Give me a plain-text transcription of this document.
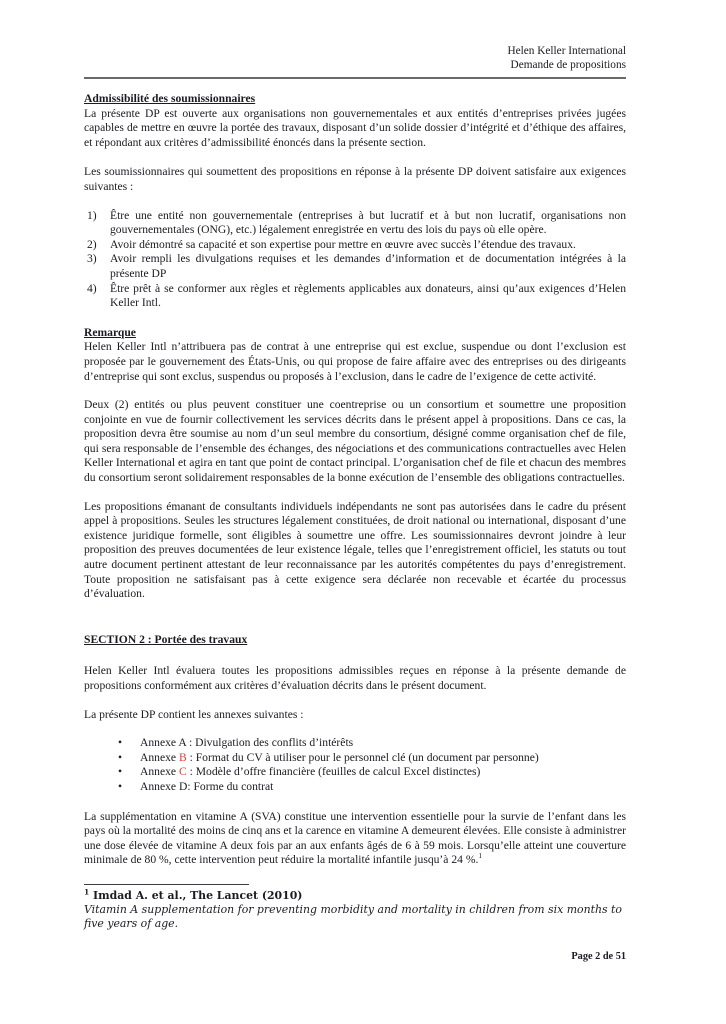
Helen Keller International
Demande de propositions

Admissibilité des soumissionnaires

La présente DP est ouverte aux organisations non gouvernementales et aux entités d’entreprises privées jugées capables de mettre en œuvre la portée des travaux, disposant d’un solide dossier d’intégrité et d’éthique des affaires, et répondant aux critères d’admissibilité énoncés dans la présente section.

Les soumissionnaires qui soumettent des propositions en réponse à la présente DP doivent satisfaire aux exigences suivantes :

1)	Être une entité non gouvernementale (entreprises à but lucratif et à but non lucratif, organisations non gouvernementales (ONG), etc.) légalement enregistrée en vertu des lois du pays où elle opère.
2)	Avoir démontré sa capacité et son expertise pour mettre en œuvre avec succès l’étendue des travaux.
3)	Avoir rempli les divulgations requises et les demandes d’information et de documentation intégrées à la présente DP
4)	Être prêt à se conformer aux règles et règlements applicables aux donateurs, ainsi qu’aux exigences d’Helen Keller Intl.

Remarque

Helen Keller Intl n’attribuera pas de contrat à une entreprise qui est exclue, suspendue ou dont l’exclusion est proposée par le gouvernement des États-Unis, ou qui propose de faire affaire avec des entreprises ou des dirigeants d’entreprise qui sont exclus, suspendus ou proposés à l’exclusion, dans le cadre de l’exigence de cette activité.

Deux (2) entités ou plus peuvent constituer une coentreprise ou un consortium et soumettre une proposition conjointe en vue de fournir collectivement les services décrits dans le présent appel à propositions. Dans ce cas, la proposition devra être soumise au nom d’un seul membre du consortium, désigné comme organisation chef de file, qui sera responsable de l’ensemble des échanges, des négociations et des communications contractuelles avec Helen Keller International et agira en tant que point de contact principal. L’organisation chef de file et chacun des membres du consortium seront solidairement responsables de la bonne exécution de l’ensemble des obligations contractuelles.

Les propositions émanant de consultants individuels indépendants ne sont pas autorisées dans le cadre du présent appel à propositions. Seules les structures légalement constituées, de droit national ou international, disposant d’une existence juridique formelle, sont éligibles à soumettre une offre. Les soumissionnaires devront joindre à leur proposition des preuves documentées de leur existence légale, telles que l’enregistrement officiel, les statuts ou tout autre document pertinent attestant de leur reconnaissance par les autorités compétentes du pays d’enregistrement. Toute proposition ne satisfaisant pas à cette exigence sera déclarée non recevable et écartée du processus d’évaluation.

SECTION 2 : Portée des travaux

Helen Keller Intl évaluera toutes les propositions admissibles reçues en réponse à la présente demande de propositions conformément aux critères d’évaluation décrits dans le présent document.

La présente DP contient les annexes suivantes :

•	Annexe A : Divulgation des conflits d’intérêts
•	Annexe B : Format du CV à utiliser pour le personnel clé (un document par personne)
•	Annexe C : Modèle d’offre financière (feuilles de calcul Excel distinctes)
•	Annexe D: Forme du contrat

La supplémentation en vitamine A (SVA) constitue une intervention essentielle pour la survie de l’enfant dans les pays où la mortalité des moins de cinq ans et la carence en vitamine A demeurent élevées. Elle consiste à administrer une dose élevée de vitamine A deux fois par an aux enfants âgés de 6 à 59 mois. Lorsqu’elle atteint une couverture minimale de 80 %, cette intervention peut réduire la mortalité infantile jusqu’à 24 %.$^1$

$^1$ Imdad A. et al., The Lancet (2010)
Vitamin A supplementation for preventing morbidity and mortality in children from six months to five years of age.
Page 2 de 51
